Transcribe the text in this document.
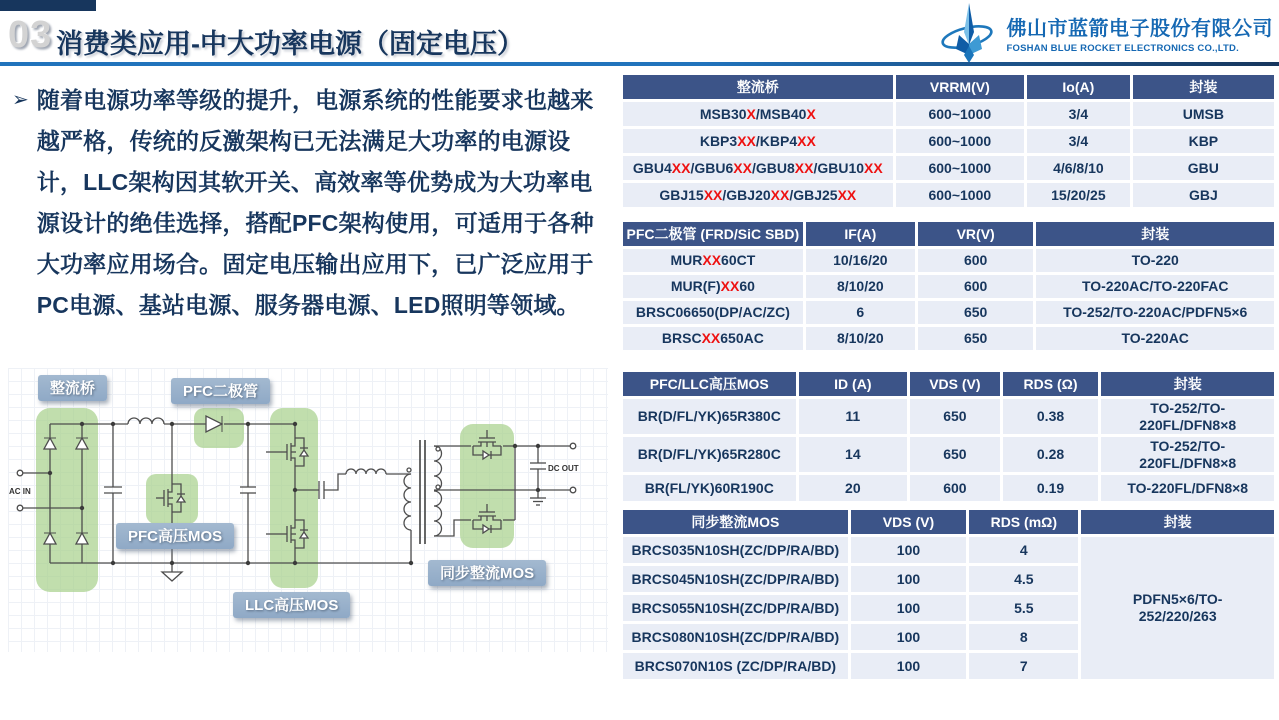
03 消费类应用-中大功率电源（固定电压）	佛山市蓝箭电子股份有限公司
FOSHAN BLUE ROCKET ELECTRONICS CO.,LTD.
➢ 随着电源功率等级的提升，电源系统的性能要求也越来越严格，传统的反激架构已无法满足大功率的电源设计，LLC架构因其软开关、高效率等优势成为大功率电源设计的绝佳选择，搭配PFC架构使用，可适用于各种大功率应用场合。固定电压输出应用下，已广泛应用于PC电源、基站电源、服务器电源、LED照明等领域。

AC IN
DC OUT
整流桥	PFC二极管
PFC高压MOS
LLC高压MOS
同步整流MOS
整流桥	VRRM(V)	Io(A)	封装
MSB30X/MSB40X	600~1000	3/4	UMSB
KBP3XX/KBP4XX	600~1000	3/4	KBP
GBU4XX/GBU6XX/GBU8XX/GBU10XX	600~1000	4/6/8/10	GBU
GBJ15XX/GBJ20XX/GBJ25XX	600~1000	15/20/25	GBJ
PFC二极管 (FRD/SiC SBD)	IF(A)	VR(V)	封装
MURXX60CT	10/16/20	600	TO-220
MUR(F)XX60	8/10/20	600	TO-220AC/TO-220FAC
BRSC06650(DP/AC/ZC)	6	650	TO-252/TO-220AC/PDFN5×6
BRSCXX650AC	8/10/20	650	TO-220AC
PFC/LLC高压MOS	ID (A)	VDS (V)	RDS (Ω)	封装
BR(D/FL/YK)65R380C	11	650	0.38	TO-252/TO-
220FL/DFN8×8
BR(D/FL/YK)65R280C	14	650	0.28	TO-252/TO-
220FL/DFN8×8
BR(FL/YK)60R190C	20	600	0.19	TO-220FL/DFN8×8
同步整流MOS	VDS (V)	RDS (mΩ)	封装
BRCS035N10SH(ZC/DP/RA/BD)	100	4	PDFN5×6/TO-
252/220/263
BRCS045N10SH(ZC/DP/RA/BD)	100	4.5	
BRCS055N10SH(ZC/DP/RA/BD)	100	5.5	
BRCS080N10SH(ZC/DP/RA/BD)	100	8	
BRCS070N10S (ZC/DP/RA/BD)	100	7	
